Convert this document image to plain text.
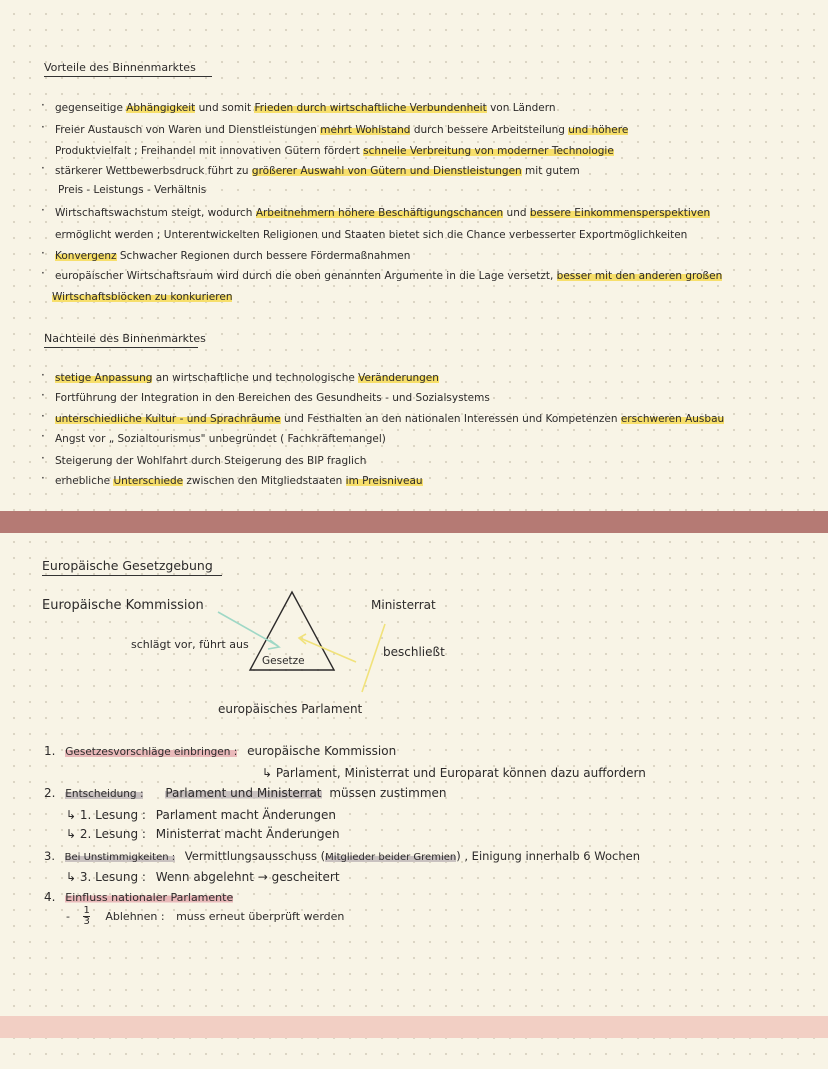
Vorteile des Binnenmarktes
· gegenseitige Abhängigkeit und somit Frieden durch wirtschaftliche Verbundenheit von Ländern
· Freier Austausch von Waren und Dienstleistungen mehrt Wohlstand durch bessere Arbeitsteilung und höhere
Produktvielfalt ; Freihandel mit innovativen Gütern fördert schnelle Verbreitung von moderner Technologie
· stärkerer Wettbewerbsdruck führt zu größerer Auswahl von Gütern und Dienstleistungen mit gutem
Preis - Leistungs - Verhältnis
· Wirtschaftswachstum steigt, wodurch Arbeitnehmern höhere Beschäftigungschancen und bessere Einkommensperspektiven
ermöglicht werden ; Unterentwickelten Religionen und Staaten bietet sich die Chance verbesserter Exportmöglichkeiten
· Konvergenz Schwacher Regionen durch bessere Fördermaßnahmen
· europäischer Wirtschaftsraum wird durch die oben genannten Argumente in die Lage versetzt, besser mit den anderen großen
Wirtschaftsblöcken zu konkurieren
Nachteile des Binnenmarktes
· stetige Anpassung an wirtschaftliche und technologische Veränderungen
· Fortführung der Integration in den Bereichen des Gesundheits - und Sozialsystems
· unterschiedliche Kultur - und Sprachräume und Festhalten an den nationalen Interessen und Kompetenzen erschweren Ausbau
· Angst vor „ Sozialtourismus" unbegründet ( Fachkräftemangel)
· Steigerung der Wohlfahrt durch Steigerung des BIP fraglich
· erhebliche Unterschiede zwischen den Mitgliedstaaten im Preisniveau
Europäische Gesetzgebung
Europäische Kommission	Ministerrat
schlägt vor, führt aus
beschließt
Gesetze
europäisches Parlament
1. Gesetzesvorschläge einbringen : europäische Kommission
↳ Parlament, Ministerrat und Europarat können dazu auffordern
2. Entscheidung : Parlament und Ministerrat müssen zustimmen
↳ 1. Lesung : Parlament macht Änderungen
↳ 2. Lesung : Ministerrat macht Änderungen
3. Bei Unstimmigkeiten : Vermittlungsausschuss (Mitglieder beider Gremien) , Einigung innerhalb 6 Wochen
↳ 3. Lesung : Wenn abgelehnt → gescheitert
4. Einfluss nationaler Parlamente
- $\frac{1}{3}$ Ablehnen : muss erneut überprüft werden
